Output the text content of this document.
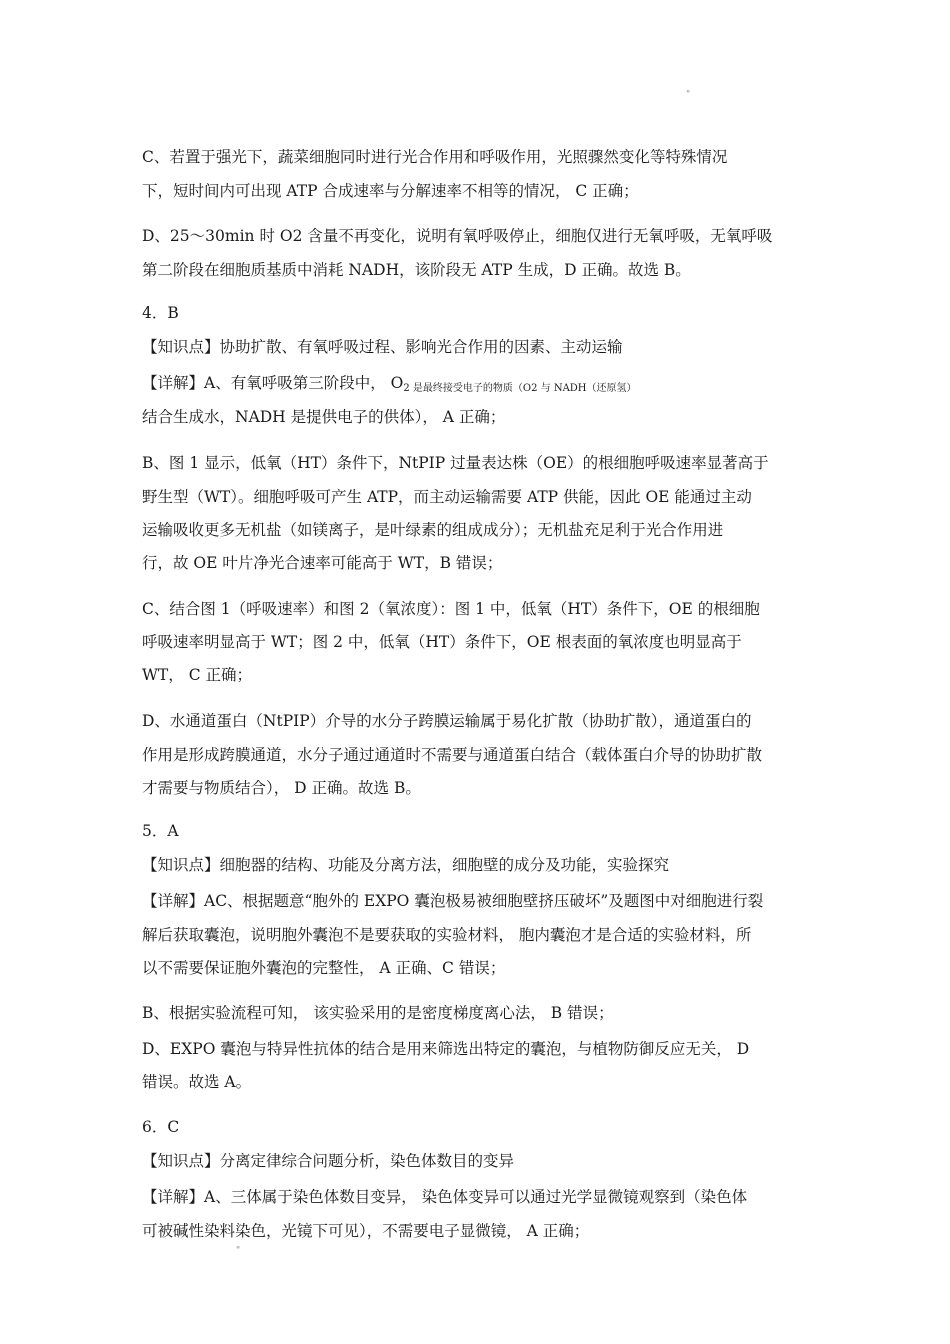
"
C、若置于强光下，蔬菜细胞同时进行光合作用和呼吸作用，光照骤然变化等特殊情况
下，短时间内可出现 ATP 合成速率与分解速率不相等的情况， C 正确；
D、25～30min 时 O2 含量不再变化，说明有氧呼吸停止，细胞仅进行无氧呼吸，无氧呼吸
第二阶段在细胞质基质中消耗 NADH，该阶段无 ATP 生成，D 正确。故选 B。
4．B
【知识点】协助扩散、有氧呼吸过程、影响光合作用的因素、主动运输
【详解】A、有氧呼吸第三阶段中， $O_{2 是最终接受电子的物质(O2 与 NADH(还原氢)}$
结合生成水，NADH 是提供电子的供体）， A 正确；
B、图 1 显示，低氧（HT）条件下，NtPIP 过量表达株（OE）的根细胞呼吸速率显著高于
野生型（WT）。细胞呼吸可产生 ATP，而主动运输需要 ATP 供能，因此 OE 能通过主动
运输吸收更多无机盐（如镁离子，是叶绿素的组成成分）；无机盐充足利于光合作用进
行，故 OE 叶片净光合速率可能高于 WT，B 错误；
C、结合图 1（呼吸速率）和图 2（氧浓度）：图 1 中，低氧（HT）条件下，OE 的根细胞
呼吸速率明显高于 WT；图 2 中，低氧（HT）条件下，OE 根表面的氧浓度也明显高于
WT， C 正确；
D、水通道蛋白（NtPIP）介导的水分子跨膜运输属于易化扩散（协助扩散），通道蛋白的
作用是形成跨膜通道，水分子通过通道时不需要与通道蛋白结合（载体蛋白介导的协助扩散
才需要与物质结合）， D 正确。故选 B。
5．A
【知识点】细胞器的结构、功能及分离方法，细胞壁的成分及功能，实验探究
【详解】AC、根据题意“胞外的 EXPO 囊泡极易被细胞壁挤压破坏”及题图中对细胞进行裂
解后获取囊泡，说明胞外囊泡不是要获取的实验材料， 胞内囊泡才是合适的实验材料，所
以不需要保证胞外囊泡的完整性， A 正确、C 错误；
B、根据实验流程可知， 该实验采用的是密度梯度离心法， B 错误；
D、EXPO 囊泡与特异性抗体的结合是用来筛选出特定的囊泡，与植物防御反应无关， D
错误。故选 A。
6．C
【知识点】分离定律综合问题分析，染色体数目的变异
【详解】A、三体属于染色体数目变异， 染色体变异可以通过光学显微镜观察到（染色体
可被碱性染料染色，光镜下可见），不需要电子显微镜， A 正确；
"
